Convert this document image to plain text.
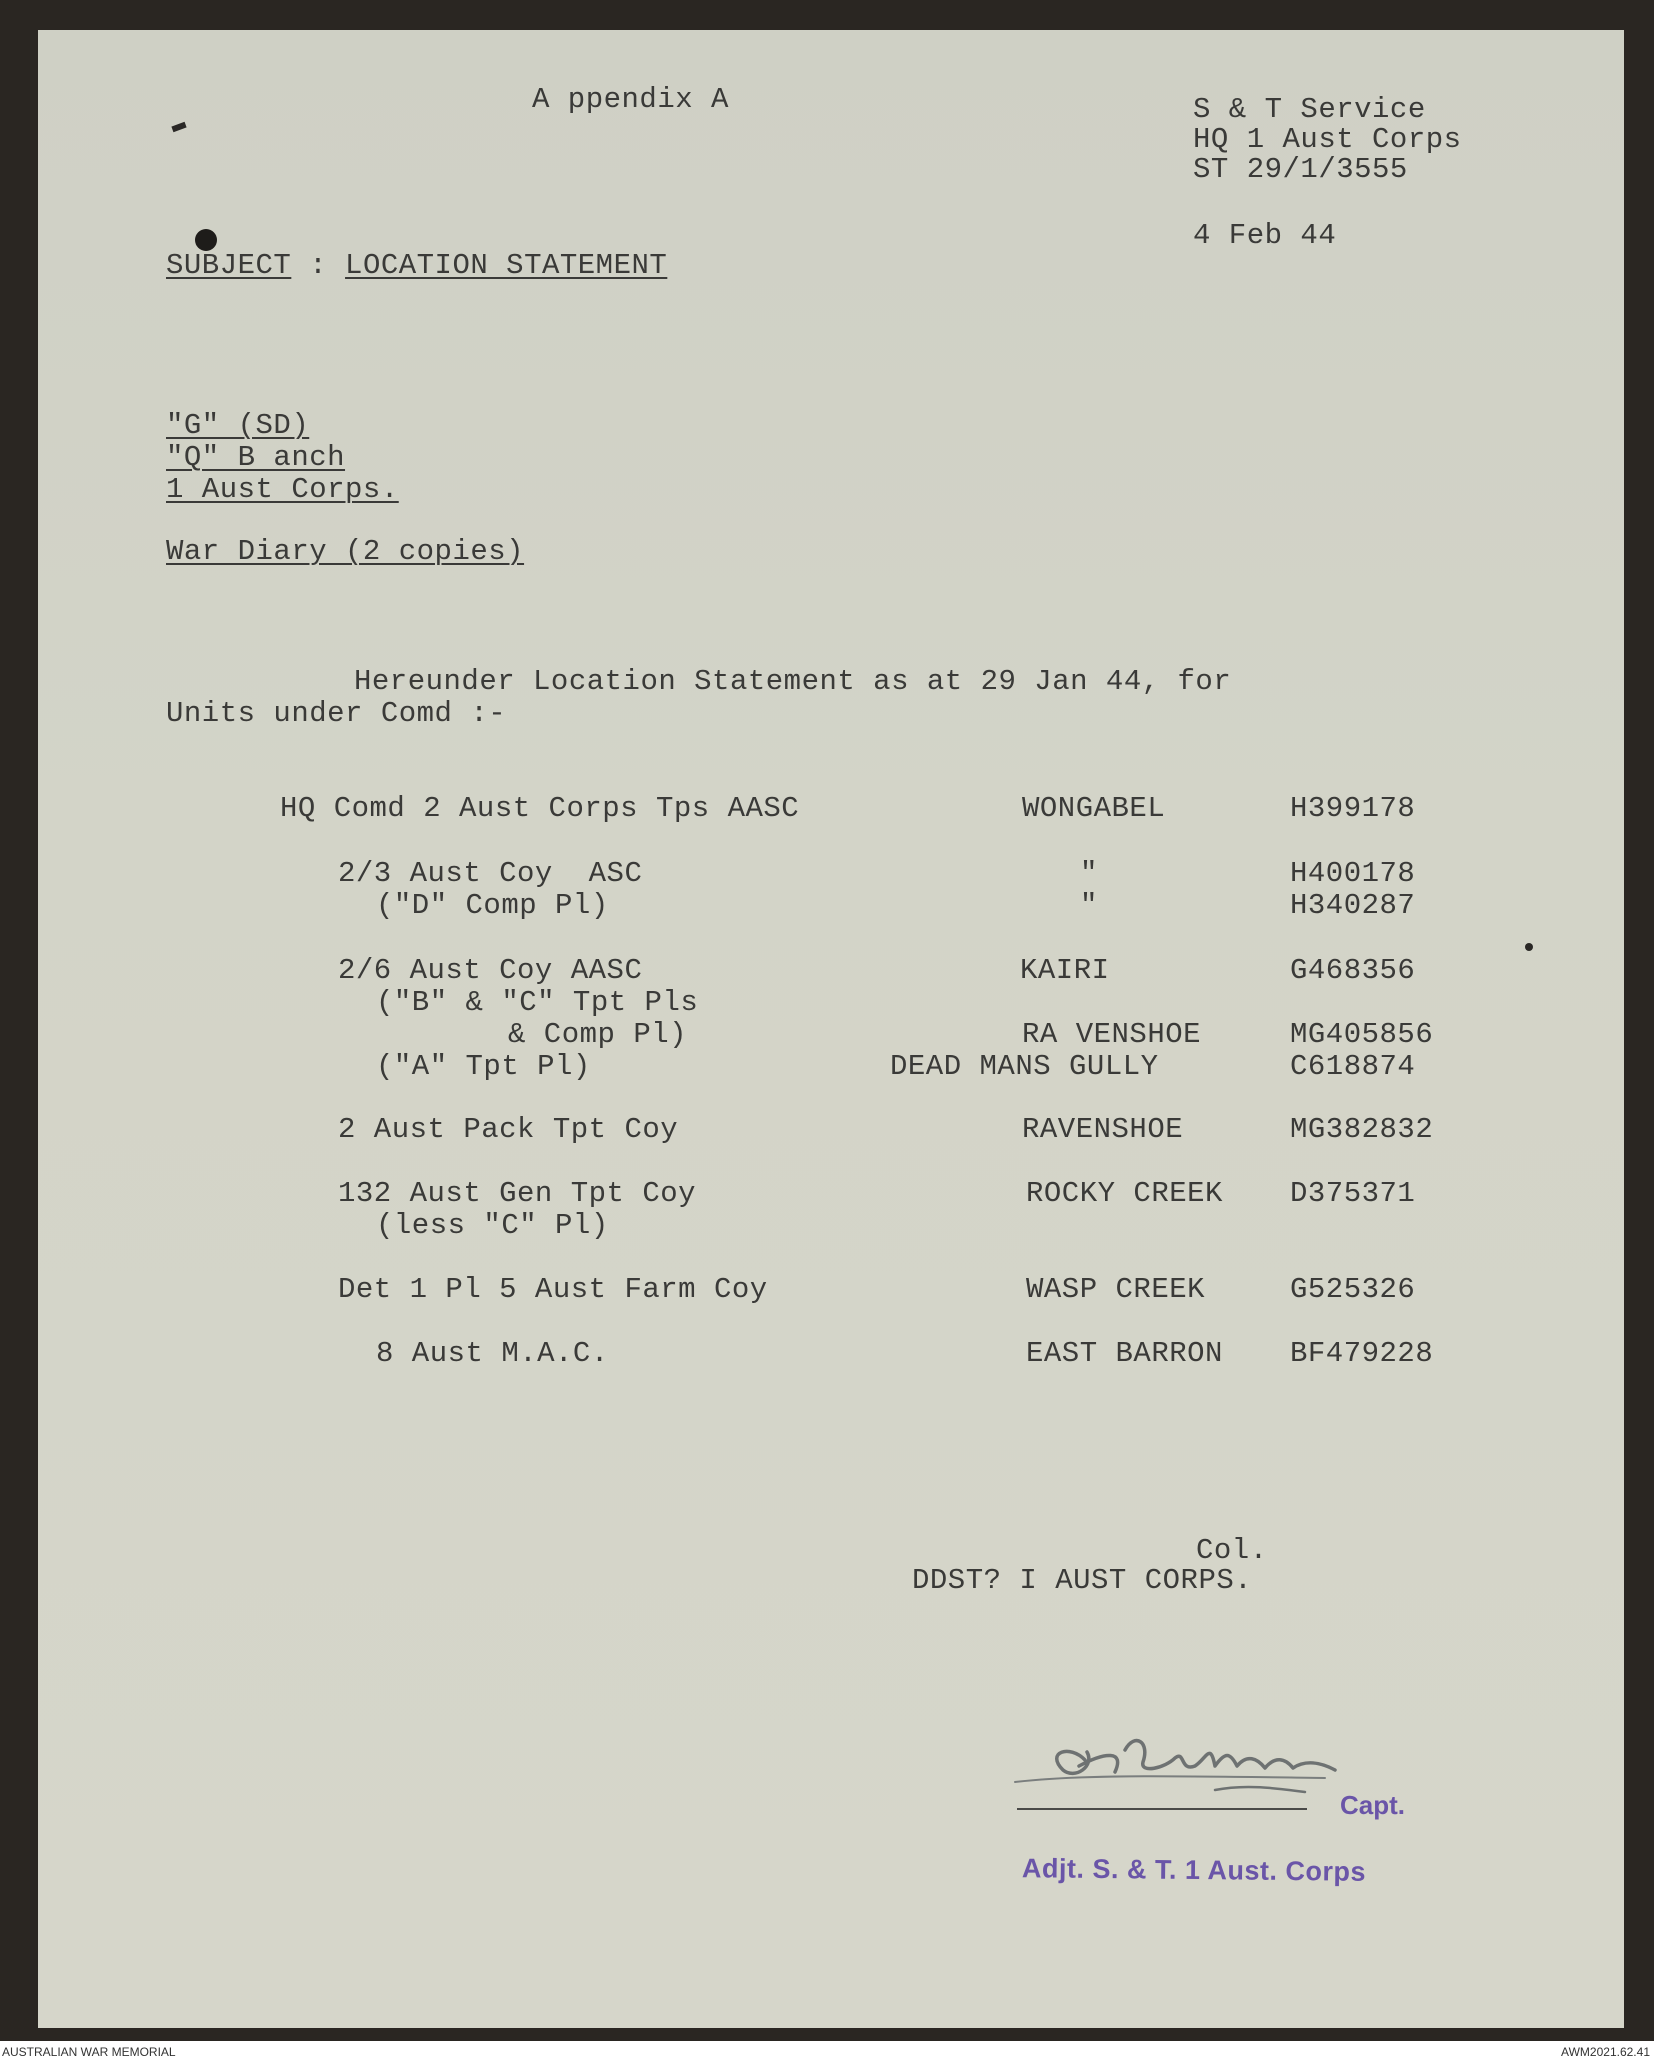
A ppendix A	S & T Service

HQ 1 Aust Corps

ST 29/1/3555

4 Feb 44

SUBJECT : LOCATION STATEMENT

"G" (SD)

"Q" B anch

1 Aust Corps.

War Diary (2 copies)

Hereunder Location Statement as at 29 Jan 44, for

Units under Comd :-

HQ Comd 2 Aust Corps Tps AASC	WONGABEL	H399178

2/3 Aust Coy  ASC	"	H400178

("D" Comp Pl)	"	H340287

2/6 Aust Coy AASC	KAIRI	G468356

("B" & "C" Tpt Pls

& Comp Pl)	RA VENSHOE	MG405856

("A" Tpt Pl)	DEAD MANS GULLY	C618874

2 Aust Pack Tpt Coy	RAVENSHOE	MG382832

132 Aust Gen Tpt Coy	ROCKY CREEK D375371

(less "C" Pl)

Det 1 Pl 5 Aust Farm Coy	WASP CREEK	G525326

8 Aust M.A.C.	EAST BARRON BF479228

Col.

DDST? I AUST CORPS.

Capt.

Adjt. S. & T. 1 Aust. Corps

AUSTRALIAN WAR MEMORIAL	AWM2021.62.41
